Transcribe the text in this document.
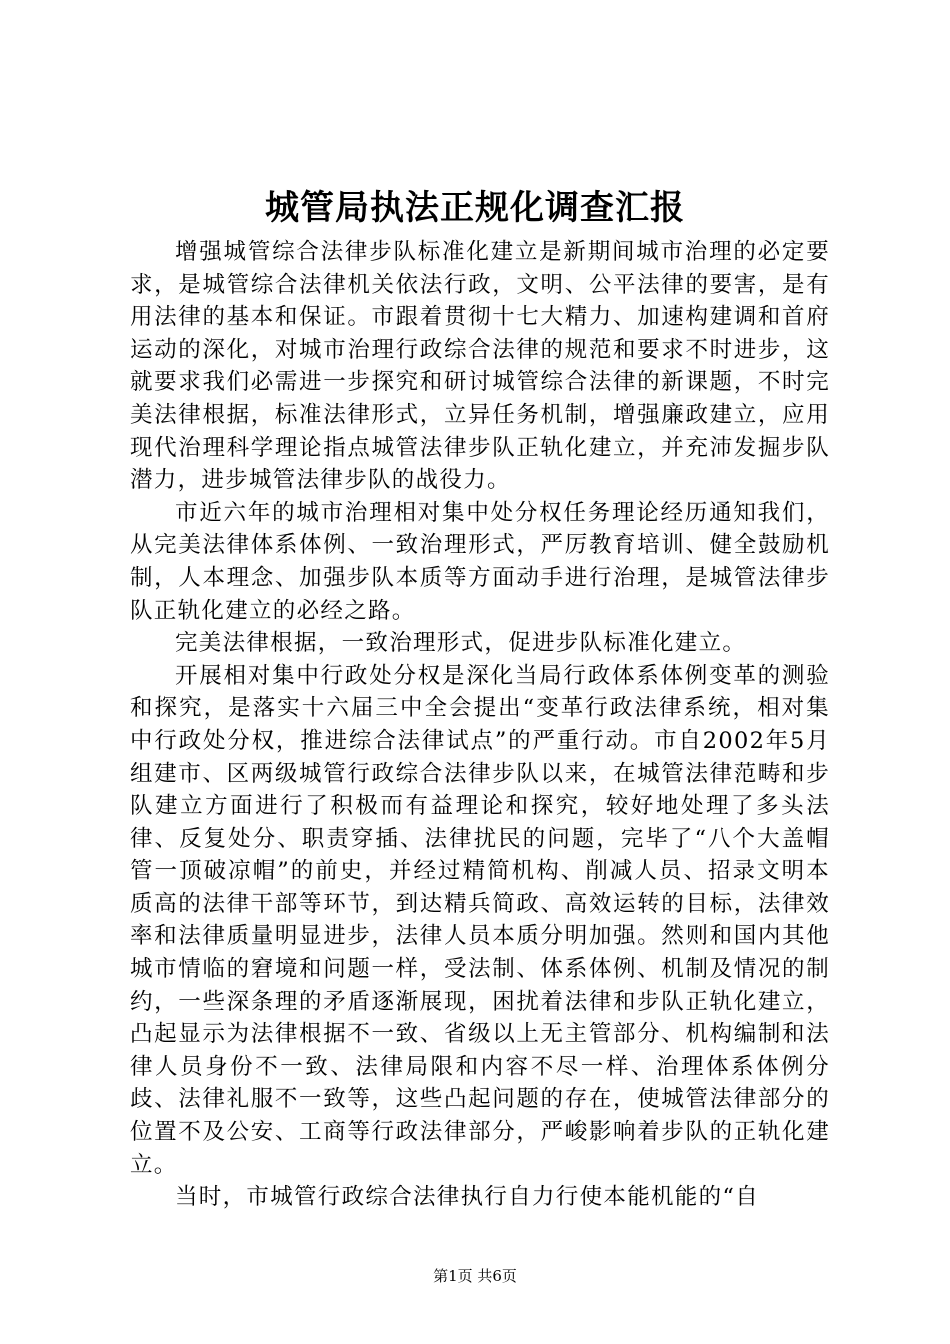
城管局执法正规化调查汇报

增强城管综合法律步队标准化建立是新期间城市治理的必定要求，是城管综合法律机关依法行政，文明、公平法律的要害，是有用法律的基本和保证。市跟着贯彻十七大精力、加速构建调和首府运动的深化，对城市治理行政综合法律的规范和要求不时进步，这就要求我们必需进一步探究和研讨城管综合法律的新课题，不时完美法律根据，标准法律形式，立异任务机制，增强廉政建立，应用现代治理科学理论指点城管法律步队正轨化建立，并充沛发掘步队潜力，进步城管法律步队的战役力。

市近六年的城市治理相对集中处分权任务理论经历通知我们，从完美法律体系体例、一致治理形式，严厉教育培训、健全鼓励机制，人本理念、加强步队本质等方面动手进行治理，是城管法律步队正轨化建立的必经之路。

完美法律根据，一致治理形式，促进步队标准化建立。

开展相对集中行政处分权是深化当局行政体系体例变革的测验和探究，是落实十六届三中全会提出“变革行政法律系统，相对集中行政处分权，推进综合法律试点”的严重行动。市自2002年5月组建市、区两级城管行政综合法律步队以来，在城管法律范畴和步队建立方面进行了积极而有益理论和探究，较好地处理了多头法律、反复处分、职责穿插、法律扰民的问题，完毕了“八个大盖帽管一顶破凉帽”的前史，并经过精简机构、削减人员、招录文明本质高的法律干部等环节，到达精兵简政、高效运转的目标，法律效率和法律质量明显进步，法律人员本质分明加强。然则和国内其他城市情临的窘境和问题一样，受法制、体系体例、机制及情况的制约，一些深条理的矛盾逐渐展现，困扰着法律和步队正轨化建立，凸起显示为法律根据不一致、省级以上无主管部分、机构编制和法律人员身份不一致、法律局限和内容不尽一样、治理体系体例分歧、法律礼服不一致等，这些凸起问题的存在，使城管法律部分的位置不及公安、工商等行政法律部分，严峻影响着步队的正轨化建立。

当时，市城管行政综合法律执行自力行使本能机能的“自

第1页 共6页
